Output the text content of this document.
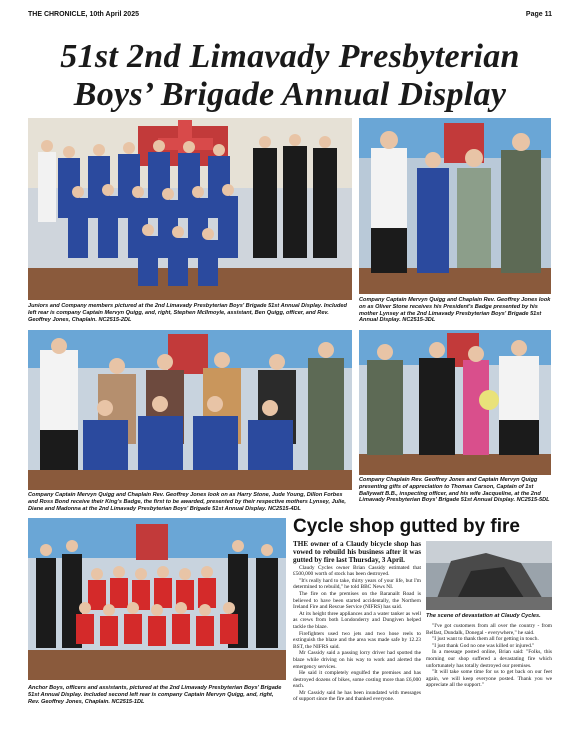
THE CHRONICLE, 10th April 2025	Page 11
51st 2nd Limavady Presbyterian
Boys’ Brigade Annual Display
Juniors and Company members pictured at the 2nd Limavady Presbyterian Boys' Brigade 51st Annual Display. Included left rear is company Captain Mervyn Quigg, and, right, Stephen McIlmoyle, assistant, Ben Quigg, officer, and Rev. Geoffrey Jones, Chaplain. NC2515-2DL
Company Captain Mervyn Quigg and Chaplain Rev. Geoffrey Jones look on as Oliver Stone receives his President's Badge presented by his mother Lynsey at the 2nd Limavady Presbyterian Boys' Brigade 51st Annual Display. NC2515-3DL
Company Captain Mervyn Quigg and Chaplain Rev. Geoffrey Jones look on as Harry Stone, Jude Young, Dillon Forbes and Ross Bond receive their King's Badge, the first to be awarded, presented by their respective mothers Lynsey, Julie, Diane and Madonna at the 2nd Limavady Presbyterian Boys' Brigade 51st Annual Display. NC2515-4DL
Company Chaplain Rev. Geoffrey Jones and Captain Mervyn Quigg presenting gifts of appreciation to Thomas Carson, Captain of 1st Ballywatt B.B., inspecting officer, and his wife Jacqueline, at the 2nd Limavady Presbyterian Boys' Brigade 51st Annual Display. NC2515-5DL
Anchor Boys, officers and assistants, pictured at the 2nd Limavady Presbyterian Boys' Brigade 51st Annual Display. Included second left rear is company Captain Mervyn Quigg, and, right, Rev. Geoffrey Jones, Chaplain. NC2515-1DL
Cycle shop gutted by fire

THE owner of a Claudy bicycle shop has vowed to rebuild his business after it was gutted by fire last Thursday, 3 April.

Claudy Cycles owner Brian Cassidy estimated that £500,000 worth of stock has been destroyed.

"It's really hard to take, thirty years of your life, but I'm determined to rebuild," he told BBC News NI.

The fire on the premises on the Baranailt Road is believed to have been started accidentally, the Northern Ireland Fire and Rescue Service (NIFRS) has said.

At its height three appliances and a water tanker as well as crews from both Londonderry and Dungiven helped tackle the blaze.

Firefighters used two jets and two hose reels to extinguish the blaze and the area was made safe by 12.23 BST, the NIFRS said.

Mr Cassidy said a passing lorry driver had spotted the blaze while driving on his way to work and alerted the emergency services.

He said it completely engulfed the premises and has destroyed dozens of bikes, some costing more than £6,000 each.

Mr Cassidy said he has been inundated with messages of support since the fire and thanked everyone.

The scene of devastation at Claudy Cycles.

"I've got customers from all over the country - from Belfast, Dundalk, Donegal - everywhere," he said.

"I just want to thank them all for getting in touch.

"I just thank God no one was killed or injured."

In a message posted online, Brian said: "Folks, this morning our shop suffered a devastating fire which unfortunately has totally destroyed our premises.

"It will take some time for us to get back on our feet again, we will keep everyone posted. Thank you we appreciate all the support."
